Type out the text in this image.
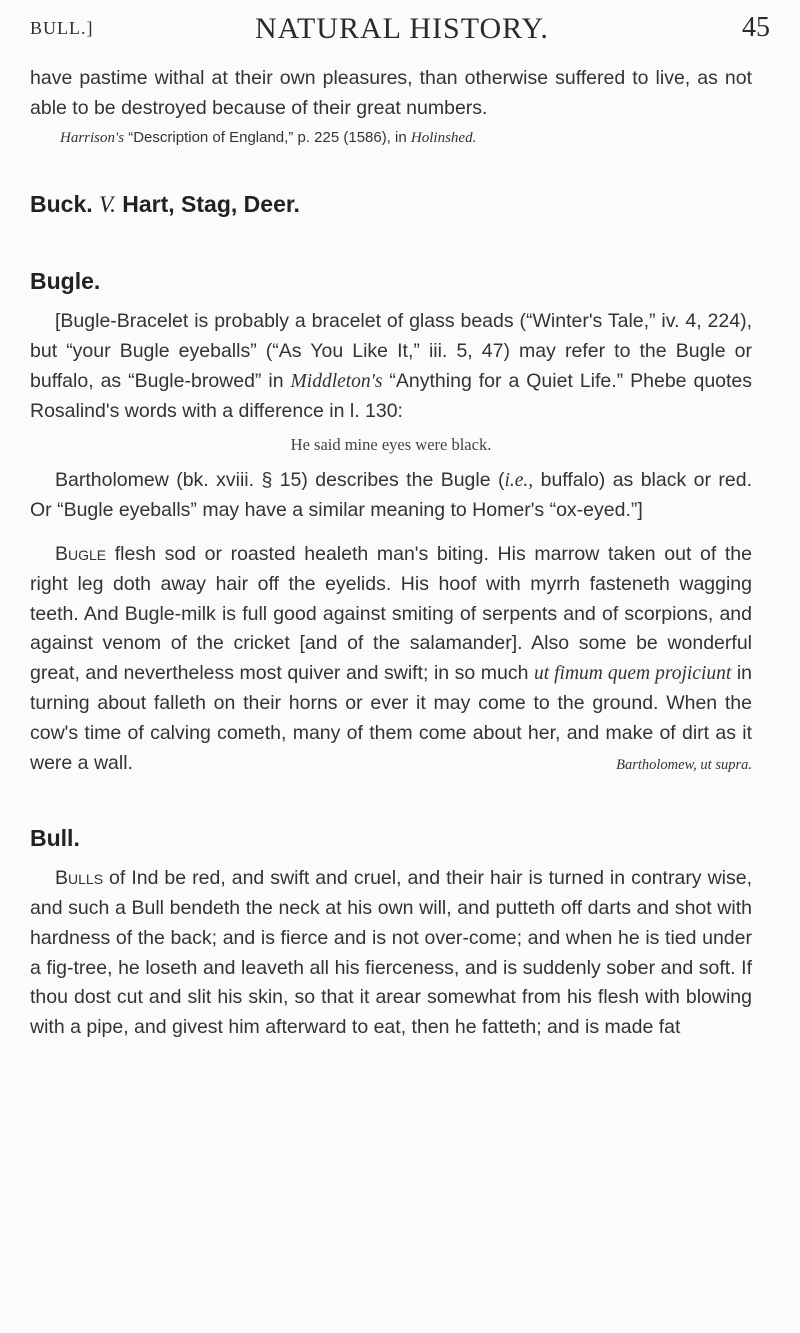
BULL.]	NATURAL HISTORY.	45

have pastime withal at their own pleasures, than otherwise suffered to live, as not able to be destroyed because of their great numbers.

Harrison's “Description of England,” p. 225 (1586), in Holinshed.

Buck. V. Hart, Stag, Deer.
Bugle.

[Bugle-Bracelet is probably a bracelet of glass beads (“Winter's Tale,” iv. 4, 224), but “your Bugle eyeballs” (“As You Like It,” iii. 5, 47) may refer to the Bugle or buffalo, as “Bugle-browed” in Middleton's “Anything for a Quiet Life.” Phebe quotes Rosalind's words with a difference in l. 130:

He said mine eyes were black.

Bartholomew (bk. xviii. § 15) describes the Bugle (i.e., buffalo) as black or red. Or “Bugle eyeballs” may have a similar meaning to Homer's “ox-eyed.”]

Bugle flesh sod or roasted healeth man's biting. His marrow taken out of the right leg doth away hair off the eyelids. His hoof with myrrh fasteneth wagging teeth. And Bugle-milk is full good against smiting of serpents and of scorpions, and against venom of the cricket [and of the salamander]. Also some be wonderful great, and nevertheless most quiver and swift; in so much ut fimum quem projiciunt in turning about falleth on their horns or ever it may come to the ground. When the cow's time of calving cometh, many of them come about her, and make of dirt as it were a wall.	Bartholomew, ut supra.

Bull.

Bulls of Ind be red, and swift and cruel, and their hair is turned in contrary wise, and such a Bull bendeth the neck at his own will, and putteth off darts and shot with hardness of the back; and is fierce and is not over-come; and when he is tied under a fig-tree, he loseth and leaveth all his fierceness, and is suddenly sober and soft. If thou dost cut and slit his skin, so that it arear somewhat from his flesh with blowing with a pipe, and givest him afterward to eat, then he fatteth; and is made fat
